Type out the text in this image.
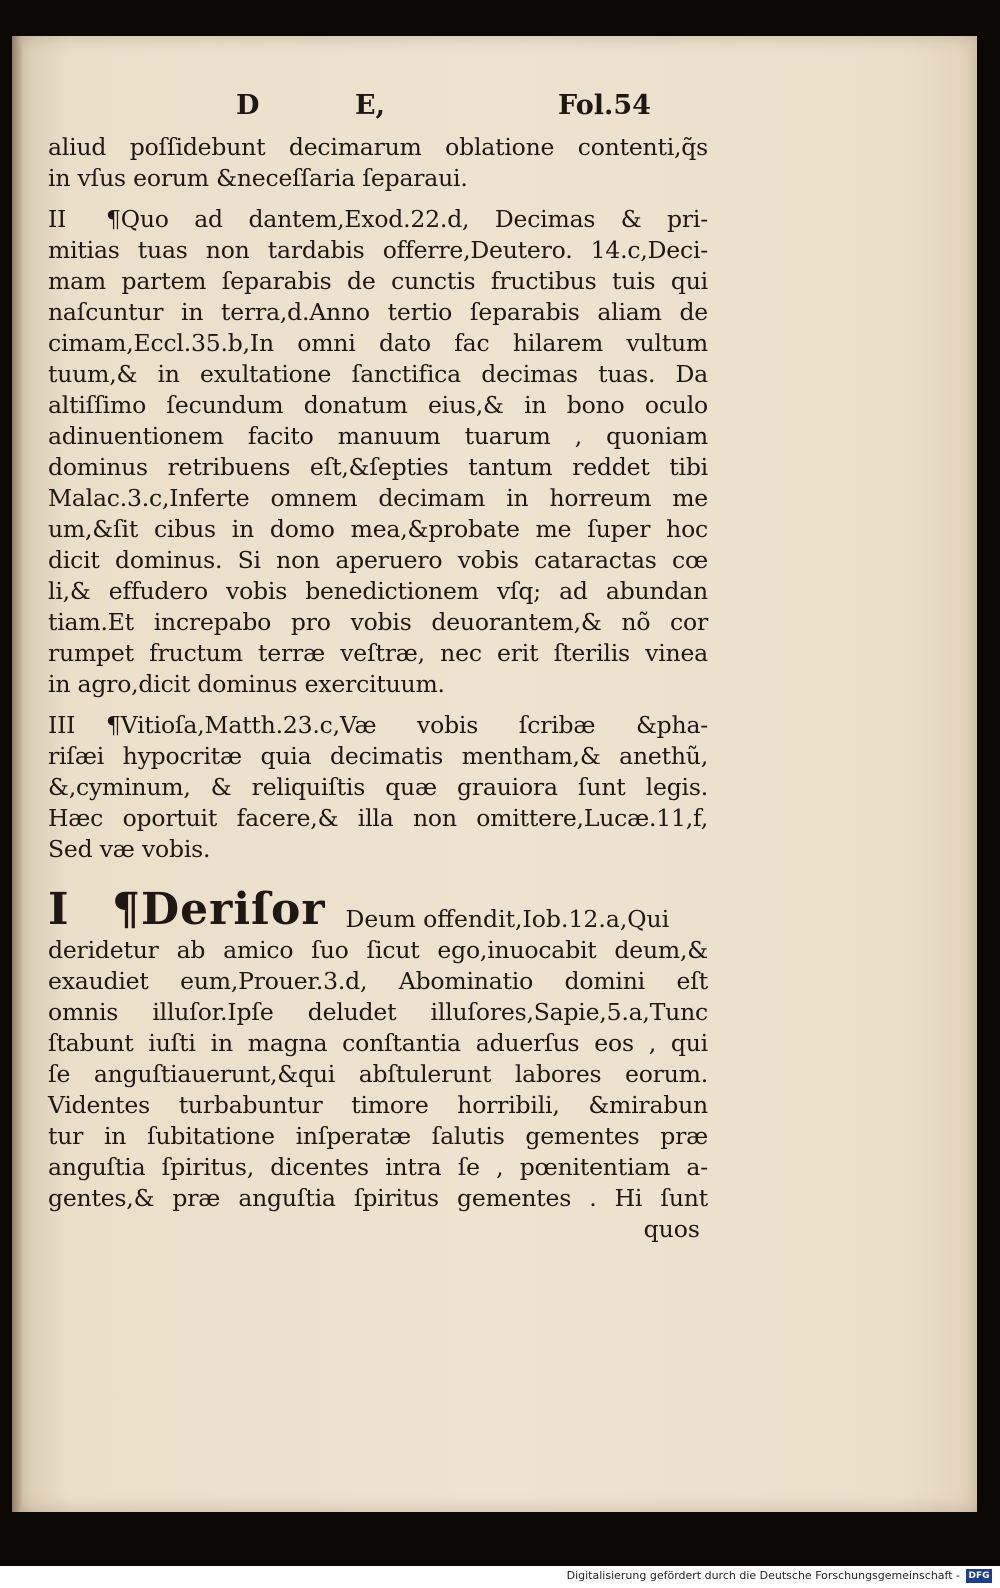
D	E,	Fol.54
aliud poſſidebunt decimarum oblatione contenti,q̃s
in vſus eorum &neceſſaria ſeparaui.
II ¶Quo ad dantem,Exod.22.d, Decimas & pri-
mitias tuas non tardabis offerre,Deutero. 14.c,Deci-
mam partem ſeparabis de cunctis fructibus tuis qui
naſcuntur in terra,d.Anno tertio ſeparabis aliam de
cimam,Eccl.35.b,In omni dato fac hilarem vultum
tuum,& in exultatione ſanctifica decimas tuas. Da
altiſſimo ſecundum donatum eius,& in bono oculo
adinuentionem facito manuum tuarum , quoniam
dominus retribuens eſt,&ſepties tantum reddet tibi
Malac.3.c,Inferte omnem decimam in horreum me
um,&ſit cibus in domo mea,&probate me ſuper hoc
dicit dominus. Si non aperuero vobis cataractas cœ
li,& effudero vobis benedictionem vſq; ad abundan
tiam.Et increpabo pro vobis deuorantem,& nõ cor
rumpet fructum terræ veſtræ, nec erit ſterilis vinea
in agro,dicit dominus exercituum.
III ¶Vitioſa,Matth.23.c,Væ vobis ſcribæ &pha-
riſæi hypocritæ quia decimatis mentham,& anethũ,
&,cyminum, & reliquiſtis quæ grauiora ſunt legis.
Hæc oportuit facere,& illa non omittere,Lucæ.11,f,
Sed væ vobis.
I ¶Deriſor Deum offendit,Iob.12.a,Qui
deridetur ab amico ſuo ſicut ego,inuocabit deum,&
exaudiet eum,Prouer.3.d, Abominatio domini eſt
omnis illuſor.Ipſe deludet illuſores,Sapie,5.a,Tunc
ſtabunt iuſti in magna conſtantia aduerſus eos , qui
ſe anguſtiauerunt,&qui abſtulerunt labores eorum.
Videntes turbabuntur timore horribili, &mirabun
tur in ſubitatione inſperatæ ſalutis gementes præ
anguſtia ſpiritus, dicentes intra ſe , pœnitentiam a-
gentes,& præ anguſtia ſpiritus gementes . Hi ſunt
quos
Digitalisierung gefördert durch die Deutsche Forschungsgemeinschaft - DFG
